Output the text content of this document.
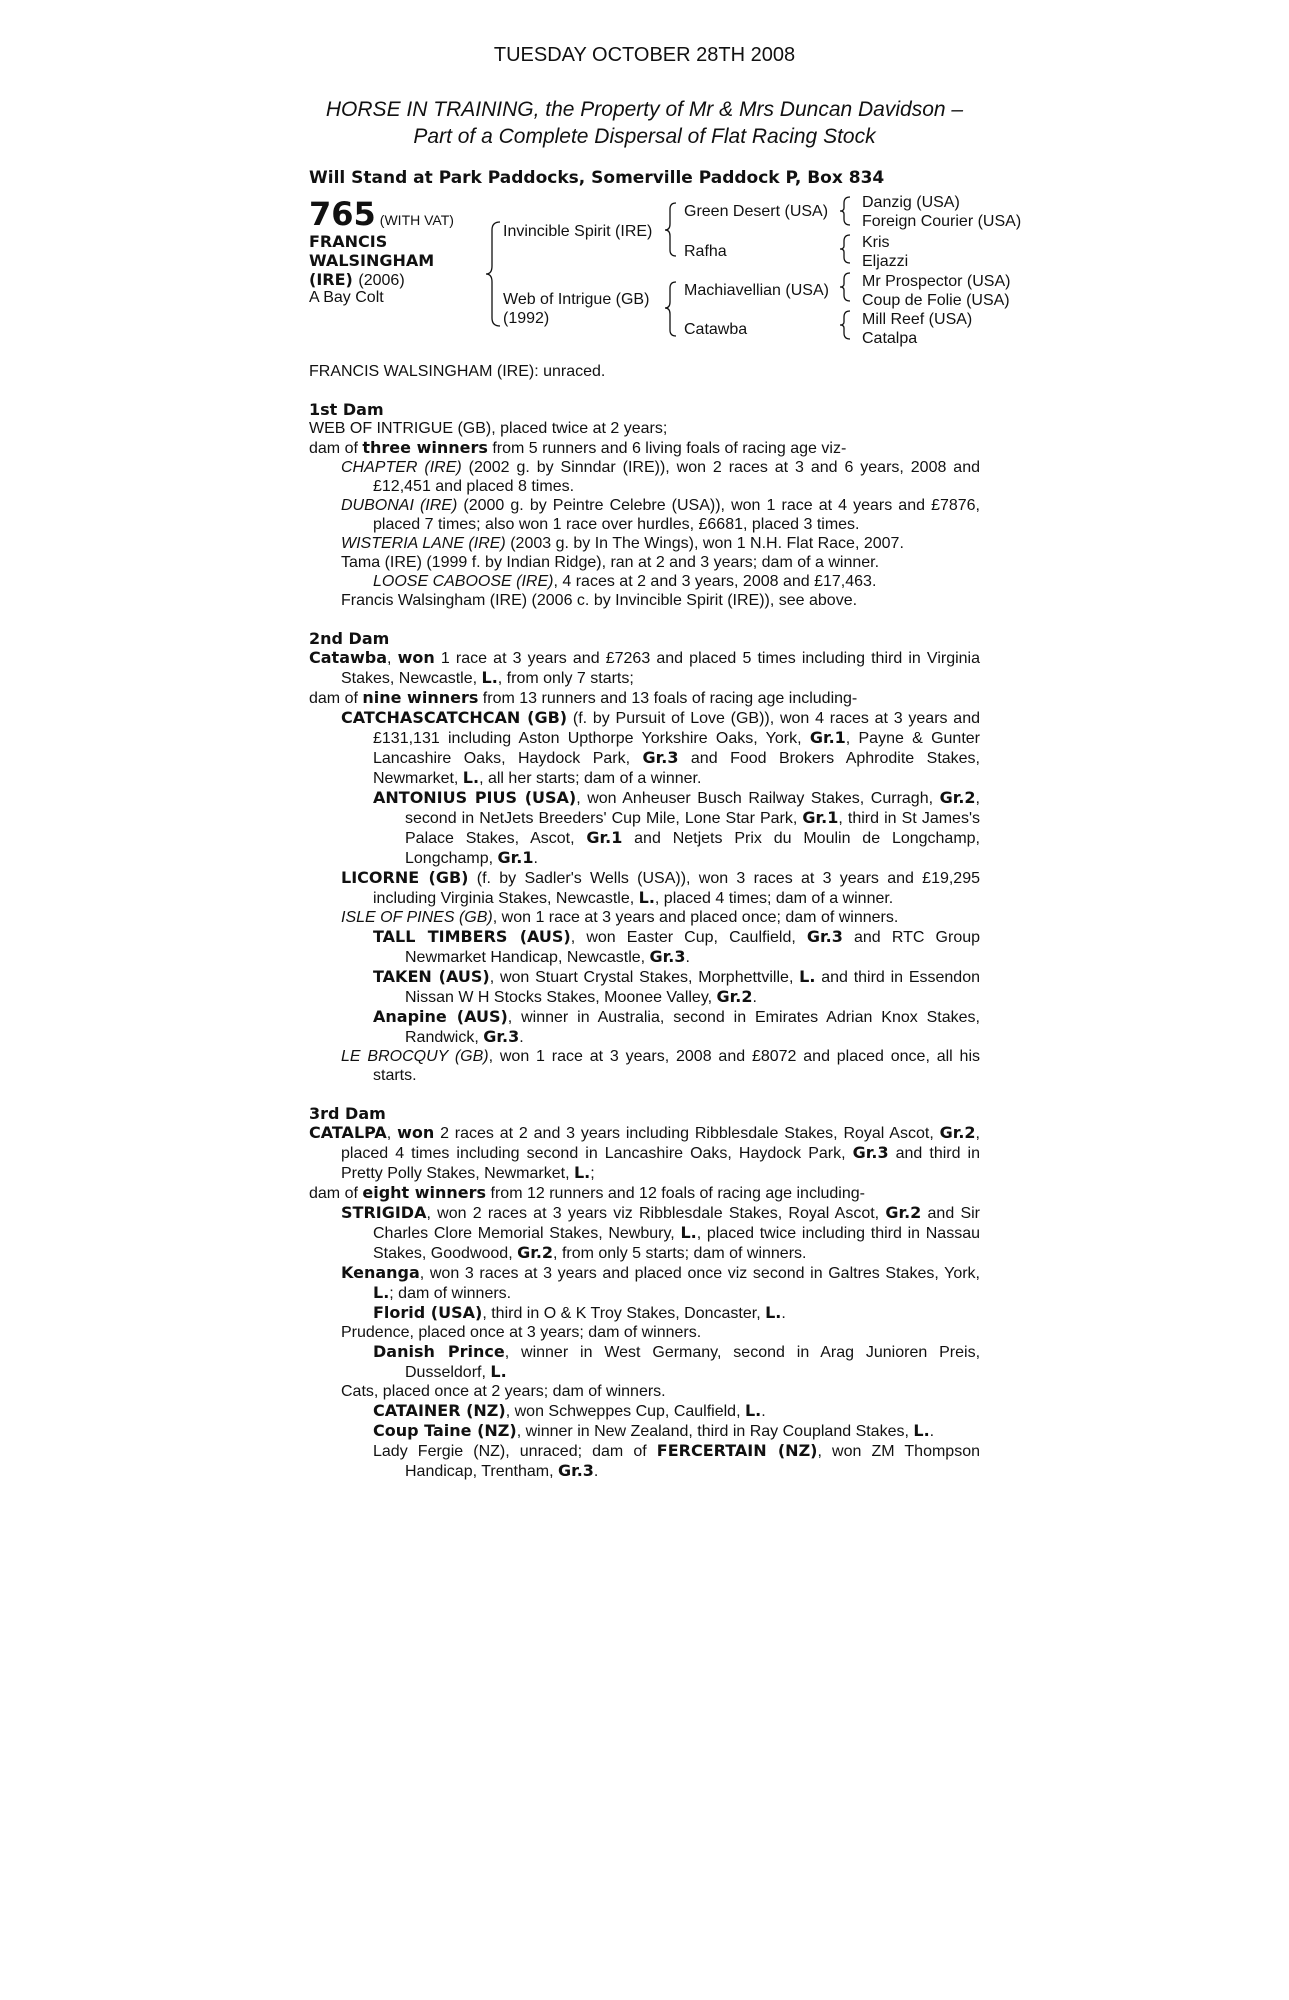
TUESDAY OCTOBER 28TH 2008
HORSE IN TRAINING, the Property of Mr & Mrs Duncan Davidson –
Part of a Complete Dispersal of Flat Racing Stock
Will Stand at Park Paddocks, Somerville Paddock P, Box 834
765 (WITH VAT)
FRANCIS
WALSINGHAM
(IRE) (2006)
A Bay Colt
Invincible Spirit (IRE)
Web of Intrigue (GB)
(1992)
Green Desert (USA)
Rafha
Machiavellian (USA)
Catawba
Danzig (USA)
Foreign Courier (USA)
Kris
Eljazzi
Mr Prospector (USA)
Coup de Folie (USA)
Mill Reef (USA)
Catalpa

FRANCIS WALSINGHAM (IRE): unraced.

1st Dam

WEB OF INTRIGUE (GB), placed twice at 2 years;

dam of three winners from 5 runners and 6 living foals of racing age viz-

CHAPTER (IRE) (2002 g. by Sinndar (IRE)), won 2 races at 3 and 6 years, 2008 and £12,451 and placed 8 times.

DUBONAI (IRE) (2000 g. by Peintre Celebre (USA)), won 1 race at 4 years and £7876, placed 7 times; also won 1 race over hurdles, £6681, placed 3 times.

WISTERIA LANE (IRE) (2003 g. by In The Wings), won 1 N.H. Flat Race, 2007.

Tama (IRE) (1999 f. by Indian Ridge), ran at 2 and 3 years; dam of a winner.

LOOSE CABOOSE (IRE), 4 races at 2 and 3 years, 2008 and £17,463.

Francis Walsingham (IRE) (2006 c. by Invincible Spirit (IRE)), see above.

2nd Dam

Catawba, won 1 race at 3 years and £7263 and placed 5 times including third in Virginia Stakes, Newcastle, L., from only 7 starts;

dam of nine winners from 13 runners and 13 foals of racing age including-

CATCHASCATCHCAN (GB) (f. by Pursuit of Love (GB)), won 4 races at 3 years and £131,131 including Aston Upthorpe Yorkshire Oaks, York, Gr.1, Payne & Gunter Lancashire Oaks, Haydock Park, Gr.3 and Food Brokers Aphrodite Stakes, Newmarket, L., all her starts; dam of a winner.

ANTONIUS PIUS (USA), won Anheuser Busch Railway Stakes, Curragh, Gr.2, second in NetJets Breeders' Cup Mile, Lone Star Park, Gr.1, third in St James's Palace Stakes, Ascot, Gr.1 and Netjets Prix du Moulin de Longchamp, Longchamp, Gr.1.

LICORNE (GB) (f. by Sadler's Wells (USA)), won 3 races at 3 years and £19,295 including Virginia Stakes, Newcastle, L., placed 4 times; dam of a winner.

ISLE OF PINES (GB), won 1 race at 3 years and placed once; dam of winners.

TALL TIMBERS (AUS), won Easter Cup, Caulfield, Gr.3 and RTC Group Newmarket Handicap, Newcastle, Gr.3.

TAKEN (AUS), won Stuart Crystal Stakes, Morphettville, L. and third in Essendon Nissan W H Stocks Stakes, Moonee Valley, Gr.2.

Anapine (AUS), winner in Australia, second in Emirates Adrian Knox Stakes, Randwick, Gr.3.

LE BROCQUY (GB), won 1 race at 3 years, 2008 and £8072 and placed once, all his starts.

3rd Dam

CATALPA, won 2 races at 2 and 3 years including Ribblesdale Stakes, Royal Ascot, Gr.2, placed 4 times including second in Lancashire Oaks, Haydock Park, Gr.3 and third in Pretty Polly Stakes, Newmarket, L.;

dam of eight winners from 12 runners and 12 foals of racing age including-

STRIGIDA, won 2 races at 3 years viz Ribblesdale Stakes, Royal Ascot, Gr.2 and Sir Charles Clore Memorial Stakes, Newbury, L., placed twice including third in Nassau Stakes, Goodwood, Gr.2, from only 5 starts; dam of winners.

Kenanga, won 3 races at 3 years and placed once viz second in Galtres Stakes, York, L.; dam of winners.

Florid (USA), third in O & K Troy Stakes, Doncaster, L..

Prudence, placed once at 3 years; dam of winners.

Danish Prince, winner in West Germany, second in Arag Junioren Preis, Dusseldorf, L.

Cats, placed once at 2 years; dam of winners.

CATAINER (NZ), won Schweppes Cup, Caulfield, L..

Coup Taine (NZ), winner in New Zealand, third in Ray Coupland Stakes, L..

Lady Fergie (NZ), unraced; dam of FERCERTAIN (NZ), won ZM Thompson Handicap, Trentham, Gr.3.
